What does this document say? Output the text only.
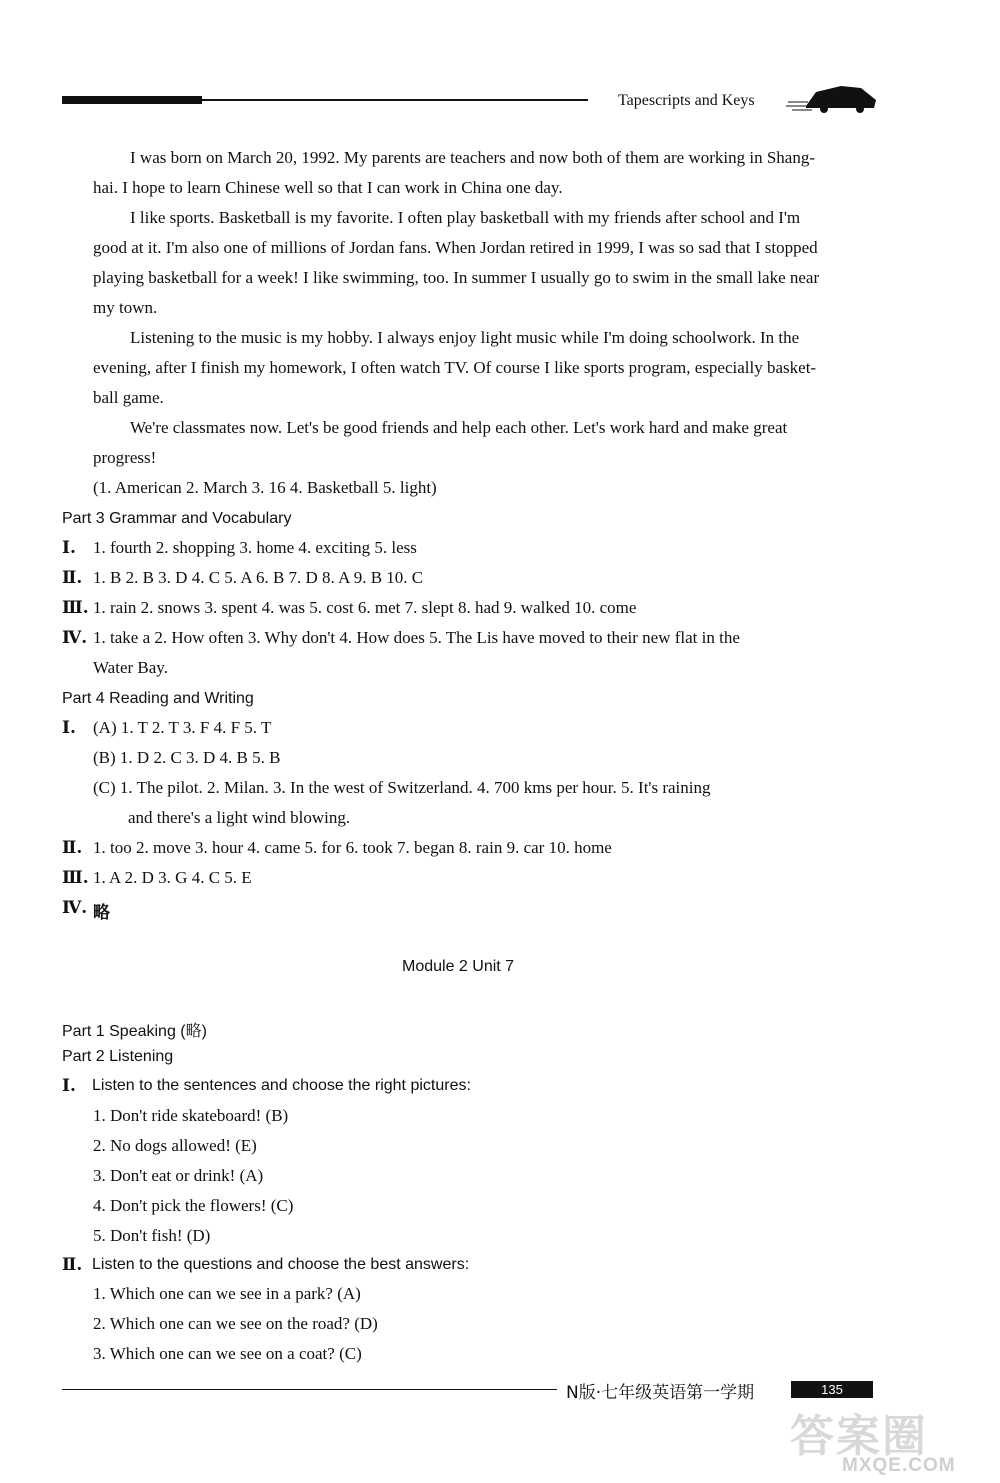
Tapescripts and Keys
I was born on March 20, 1992. My parents are teachers and now both of them are working in Shang-
hai. I hope to learn Chinese well so that I can work in China one day.
I like sports. Basketball is my favorite. I often play basketball with my friends after school and I'm
good at it. I'm also one of millions of Jordan fans. When Jordan retired in 1999, I was so sad that I stopped
playing basketball for a week! I like swimming, too. In summer I usually go to swim in the small lake near
my town.
Listening to the music is my hobby. I always enjoy light music while I'm doing schoolwork. In the
evening, after I finish my homework, I often watch TV. Of course I like sports program, especially basket-
ball game.
We're classmates now. Let's be good friends and help each other. Let's work hard and make great
progress!
(1. American 2. March 3. 16 4. Basketball 5. light)
Part 3 Grammar and Vocabulary
Ⅰ. 1. fourth 2. shopping 3. home 4. exciting 5. less
Ⅱ. 1. B 2. B 3. D 4. C 5. A 6. B 7. D 8. A 9. B 10. C
Ⅲ. 1. rain 2. snows 3. spent 4. was 5. cost 6. met 7. slept 8. had 9. walked 10. come
Ⅳ. 1. take a 2. How often 3. Why don't 4. How does 5. The Lis have moved to their new flat in the
Water Bay.
Part 4 Reading and Writing
Ⅰ. (A) 1. T 2. T 3. F 4. F 5. T
(B) 1. D 2. C 3. D 4. B 5. B
(C) 1. The pilot. 2. Milan. 3. In the west of Switzerland. 4. 700 kms per hour. 5. It's raining
and there's a light wind blowing.
Ⅱ. 1. too 2. move 3. hour 4. came 5. for 6. took 7. began 8. rain 9. car 10. home
Ⅲ. 1. A 2. D 3. G 4. C 5. E
Ⅳ. 略
Module 2 Unit 7
Part 1 Speaking (略)
Part 2 Listening
Ⅰ. Listen to the sentences and choose the right pictures:
1. Don't ride skateboard! (B)
2. No dogs allowed! (E)
3. Don't eat or drink! (A)
4. Don't pick the flowers! (C)
5. Don't fish! (D)
Ⅱ. Listen to the questions and choose the best answers:
1. Which one can we see in a park? (A)
2. Which one can we see on the road? (D)
3. Which one can we see on a coat? (C)
N版·七年级英语第一学期	135
答案圈
MXQE.COM
